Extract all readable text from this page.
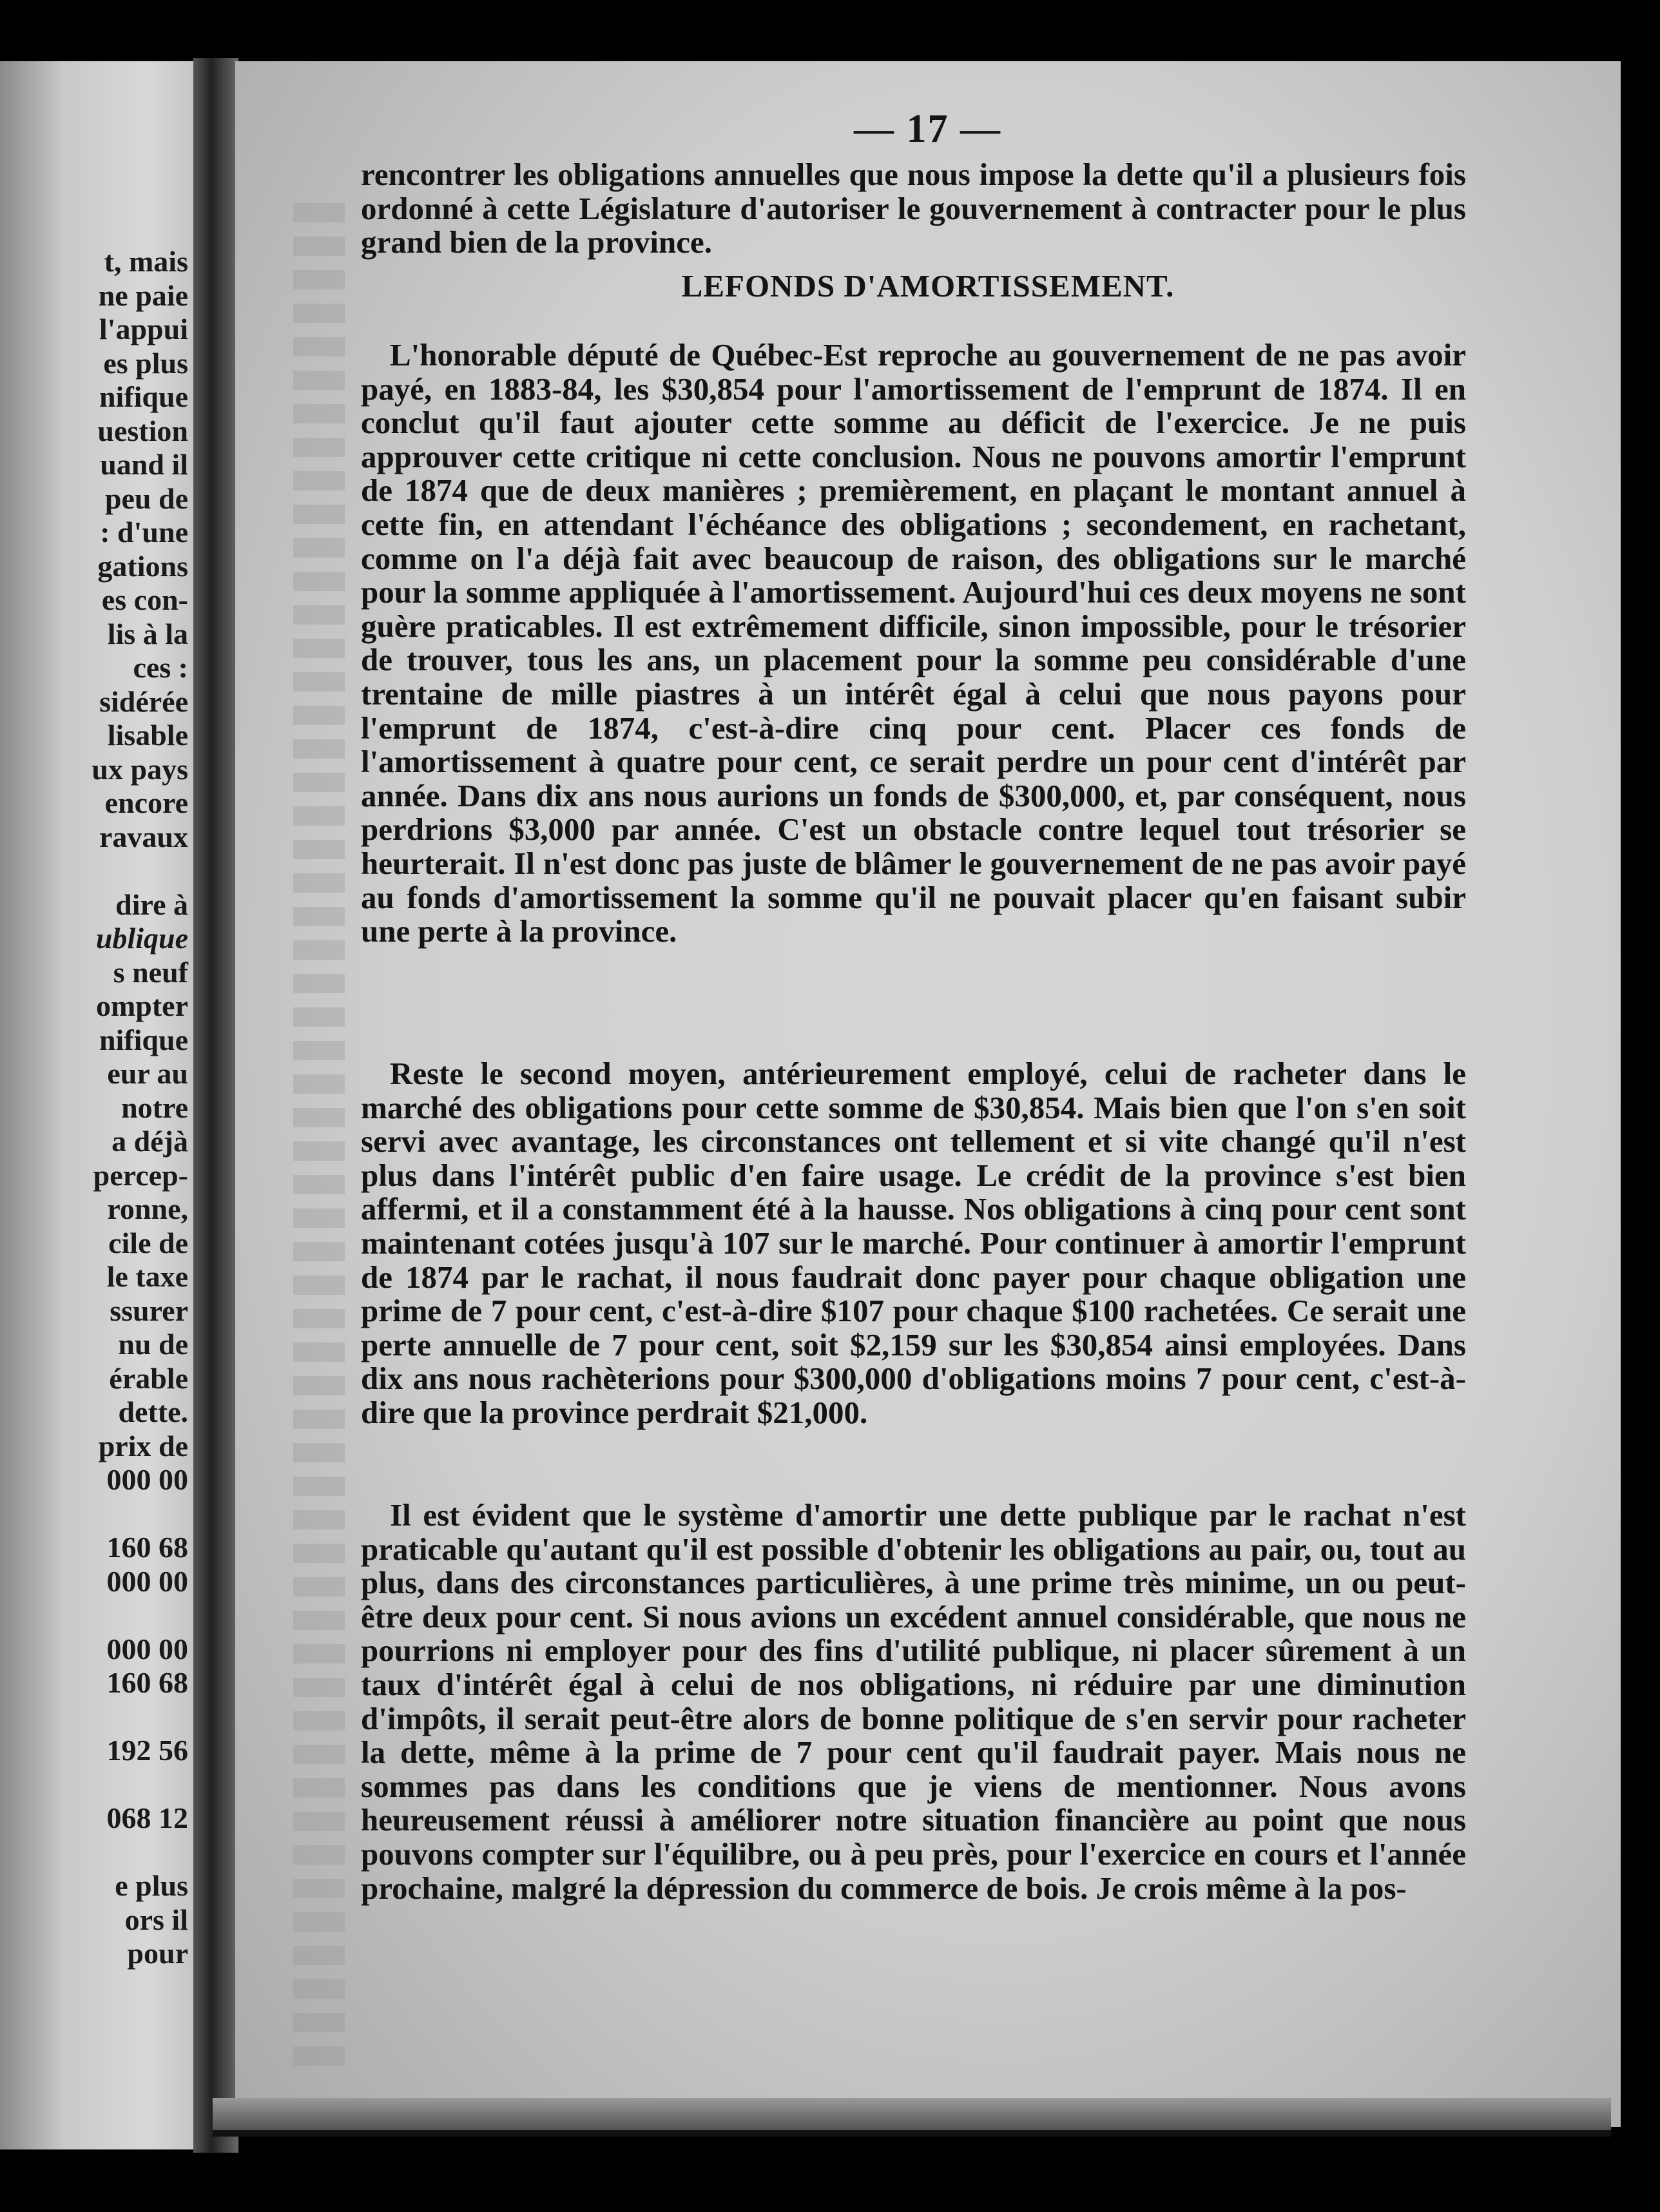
t, mais
ne paie
l'appui
es plus
nifique
uestion
uand il
peu de
: d'une
gations
es con-
lis à la
ces :
sidérée
lisable
ux pays
encore
ravaux
dire à
ublique
s neuf
ompter
nifique
eur au
notre
a déjà
percep-
ronne,
cile de
le taxe
ssurer
nu de
érable
dette.
prix de
000 00
160 68
000 00
000 00
160 68
192 56
068 12
e plus
ors il
pour
— 17 —

rencontrer les obligations annuelles que nous impose la dette qu'il a plusieurs fois ordonné à cette Législature d'autoriser le gouvernement à contracter pour le plus grand bien de la province.

LEFONDS D'AMORTISSEMENT.

L'honorable député de Québec-Est reproche au gouvernement de ne pas avoir payé, en 1883-84, les $30,854 pour l'amortissement de l'emprunt de 1874. Il en conclut qu'il faut ajouter cette somme au déficit de l'exercice. Je ne puis approuver cette critique ni cette conclusion. Nous ne pouvons amortir l'emprunt de 1874 que de deux manières ; premièrement, en plaçant le montant annuel à cette fin, en attendant l'échéance des obligations ; secondement, en rachetant, comme on l'a déjà fait avec beaucoup de raison, des obligations sur le marché pour la somme appliquée à l'amortissement. Aujourd'hui ces deux moyens ne sont guère praticables. Il est extrêmement difficile, sinon impossible, pour le trésorier de trouver, tous les ans, un placement pour la somme peu considérable d'une trentaine de mille piastres à un intérêt égal à celui que nous payons pour l'emprunt de 1874, c'est-à-dire cinq pour cent. Placer ces fonds de l'amortissement à quatre pour cent, ce serait perdre un pour cent d'intérêt par année. Dans dix ans nous aurions un fonds de $300,000, et, par conséquent, nous perdrions $3,000 par année. C'est un obstacle contre lequel tout trésorier se heurterait. Il n'est donc pas juste de blâmer le gouvernement de ne pas avoir payé au fonds d'amortissement la somme qu'il ne pouvait placer qu'en faisant subir une perte à la province.

Reste le second moyen, antérieurement employé, celui de racheter dans le marché des obligations pour cette somme de $30,854. Mais bien que l'on s'en soit servi avec avantage, les circonstances ont tellement et si vite changé qu'il n'est plus dans l'intérêt public d'en faire usage. Le crédit de la province s'est bien affermi, et il a constamment été à la hausse. Nos obligations à cinq pour cent sont maintenant cotées jusqu'à 107 sur le marché. Pour continuer à amortir l'emprunt de 1874 par le rachat, il nous faudrait donc payer pour chaque obligation une prime de 7 pour cent, c'est-à-dire $107 pour chaque $100 rachetées. Ce serait une perte annuelle de 7 pour cent, soit $2,159 sur les $30,854 ainsi employées. Dans dix ans nous rachèterions pour $300,000 d'obligations moins 7 pour cent, c'est-à-dire que la province perdrait $21,000.

Il est évident que le système d'amortir une dette publique par le rachat n'est praticable qu'autant qu'il est possible d'obtenir les obligations au pair, ou, tout au plus, dans des circonstances particulières, à une prime très minime, un ou peut-être deux pour cent. Si nous avions un excédent annuel considérable, que nous ne pourrions ni employer pour des fins d'utilité publique, ni placer sûrement à un taux d'intérêt égal à celui de nos obligations, ni réduire par une diminution d'impôts, il serait peut-être alors de bonne politique de s'en servir pour racheter la dette, même à la prime de 7 pour cent qu'il faudrait payer. Mais nous ne sommes pas dans les conditions que je viens de mentionner. Nous avons heureusement réussi à améliorer notre situation financière au point que nous pouvons compter sur l'équilibre, ou à peu près, pour l'exercice en cours et l'année prochaine, malgré la dépression du commerce de bois. Je crois même à la pos-
